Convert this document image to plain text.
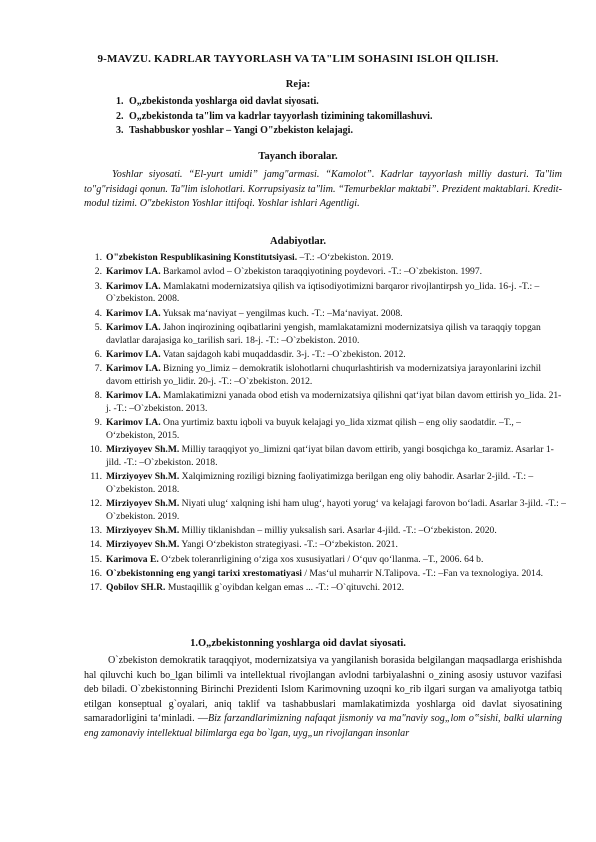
9-MAVZU. KADRLAR TAYYORLASH VA TA"LIM SOHASINI ISLOH QILISH.
Reja:
1. O„zbekistonda yoshlarga oid davlat siyosati.
2. O„zbekistonda ta"lim va kadrlar tayyorlash tizimining takomillashuvi.
3. Tashabbuskor yoshlar – Yangi O"zbekiston kelajagi.
Tayanch iboralar.

Yoshlar siyosati. “El-yurt umidi” jamg"armasi. “Kamolot”. Kadrlar tayyorlash milliy dasturi. Ta"lim to"g"risidagi qonun. Ta"lim islohotlari. Korrupsiyasiz ta"lim. “Temurbeklar maktabi”. Prezident maktablari. Kredit-modul tizimi. O"zbekiston Yoshlar ittifoqi. Yoshlar ishlari Agentligi.

Adabiyotlar.
1. O"zbekiston Respublikasining Konstitutsiyasi. –T.: -O‘zbekiston. 2019.
2. Karimov I.A. Barkamol avlod – O`zbekiston taraqqiyotining poydevori. -T.: –O`zbekiston. 1997.
3. Karimov I.A. Mamlakatni modernizatsiya qilish va iqtisodiyotimizni barqaror rivojlantirpsh yo_lida. 16-j. -T.: –O`zbekiston. 2008.
4. Karimov I.A. Yuksak ma‘naviyat – yengilmas kuch. -T.: –Ma‘naviyat. 2008.
5. Karimov I.A. Jahon inqirozining oqibatlarini yengish, mamlakatamizni modernizatsiya qilish va taraqqiy topgan davlatlar darajasiga ko_tarilish sari. 18-j. -T.: –O`zbekiston. 2010.
6. Karimov I.A. Vatan sajdagoh kabi muqaddasdir. 3-j. -T.: –O`zbekiston. 2012.
7. Karimov I.A. Bizning yo_limiz – demokratik islohotlarni chuqurlashtirish va modernizatsiya jarayonlarini izchil davom ettirish yo_lidir. 20-j. -T.: –O`zbekiston. 2012.
8. Karimov I.A. Mamlakatimizni yanada obod etish va modernizatsiya qilishni qat‘iyat bilan davom ettirish yo_lida. 21-j. -T.: –O`zbekiston. 2013.
9. Karimov I.A. Ona yurtimiz baxtu iqboli va buyuk kelajagi yo_lida xizmat qilish – eng oliy saodatdir. –T., –O‘zbekiston, 2015.
10. Mirziyoyev Sh.M. Milliy taraqqiyot yo_limizni qat‘iyat bilan davom ettirib, yangi bosqichga ko_taramiz. Asarlar 1-jild. -T.: –O`zbekiston. 2018.
11. Mirziyoyev Sh.M. Xalqimizning roziligi bizning faoliyatimizga berilgan eng oliy bahodir. Asarlar 2-jild. -T.: –O`zbekiston. 2018.
12. Mirziyoyev Sh.M. Niyati ulug‘ xalqning ishi ham ulug‘, hayoti yorug‘ va kelajagi farovon bo‘ladi. Asarlar 3-jild. -T.: –O`zbekiston. 2019.
13. Mirziyoyev Sh.M. Milliy tiklanishdan – milliy yuksalish sari. Asarlar 4-jild. -T.: –O‘zbekiston. 2020.
14. Mirziyoyev Sh.M. Yangi O‘zbekiston strategiyasi. -T.: –O‘zbekiston. 2021.
15. Karimova E. O‘zbek toleranrligining o‘ziga xos xususiyatlari / O‘quv qo‘llanma. –T., 2006. 64 b.
16. O`zbekistonning eng yangi tarixi xrestomatiyasi / Mas‘ul muharrir N.Talipova. -T.: –Fan va texnologiya. 2014.
17. Qobilov SH.R. Mustaqillik g`oyibdan kelgan emas ... -T.: –O`qituvchi. 2012.
1.O„zbekistonning yoshlarga oid davlat siyosati.

O`zbekiston demokratik taraqqiyot, modernizatsiya va yangilanish borasida belgilangan maqsadlarga erishishda hal qiluvchi kuch bo_lgan bilimli va intellektual rivojlangan avlodni tarbiyalashni o_zining asosiy ustuvor vazifasi deb biladi. O`zbekistonning Birinchi Prezidenti Islom Karimovning uzoqni ko_rib ilgari surgan va amaliyotga tatbiq etilgan konseptual g`oyalari, aniq taklif va tashabbuslari mamlakatimizda yoshlarga oid davlat siyosatining samaradorligini ta‘minladi. ―Biz farzandlarimizning nafaqat jismoniy va ma"naviy sog„lom o‟sishi, balki ularning eng zamonaviy intellektual bilimlarga ega bo`lgan, uyg„un rivojlangan insonlar
